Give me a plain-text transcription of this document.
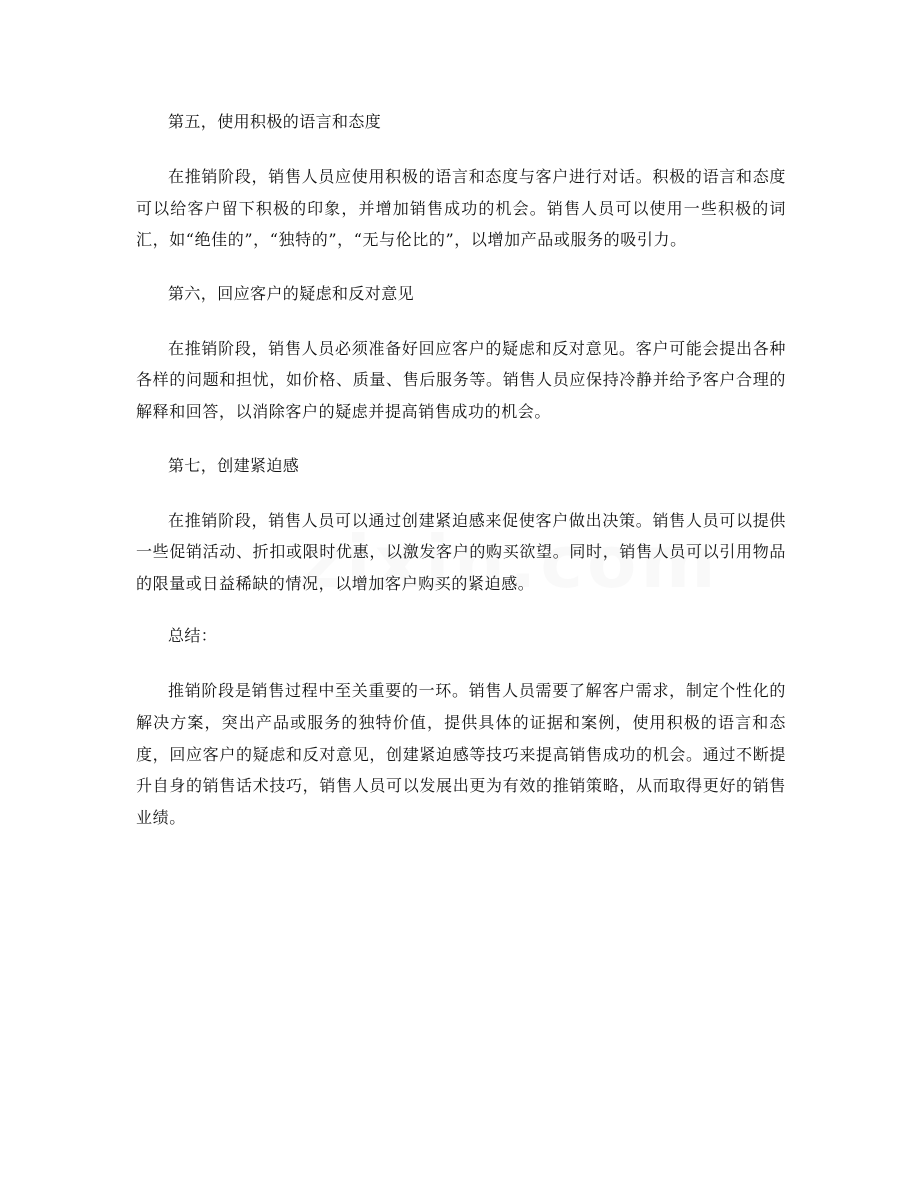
第五，使用积极的语言和态度

在推销阶段，销售人员应使用积极的语言和态度与客户进行对话。积极的语言和态度可以给客户留下积极的印象，并增加销售成功的机会。销售人员可以使用一些积极的词汇，如“绝佳的”，“独特的”，“无与伦比的”，以增加产品或服务的吸引力。

第六，回应客户的疑虑和反对意见

在推销阶段，销售人员必须准备好回应客户的疑虑和反对意见。客户可能会提出各种各样的问题和担忧，如价格、质量、售后服务等。销售人员应保持冷静并给予客户合理的解释和回答，以消除客户的疑虑并提高销售成功的机会。

第七，创建紧迫感

在推销阶段，销售人员可以通过创建紧迫感来促使客户做出决策。销售人员可以提供一些促销活动、折扣或限时优惠，以激发客户的购买欲望。同时，销售人员可以引用物品的限量或日益稀缺的情况，以增加客户购买的紧迫感。

总结：

推销阶段是销售过程中至关重要的一环。销售人员需要了解客户需求，制定个性化的解决方案，突出产品或服务的独特价值，提供具体的证据和案例，使用积极的语言和态度，回应客户的疑虑和反对意见，创建紧迫感等技巧来提高销售成功的机会。通过不断提升自身的销售话术技巧，销售人员可以发展出更为有效的推销策略，从而取得更好的销售业绩。
